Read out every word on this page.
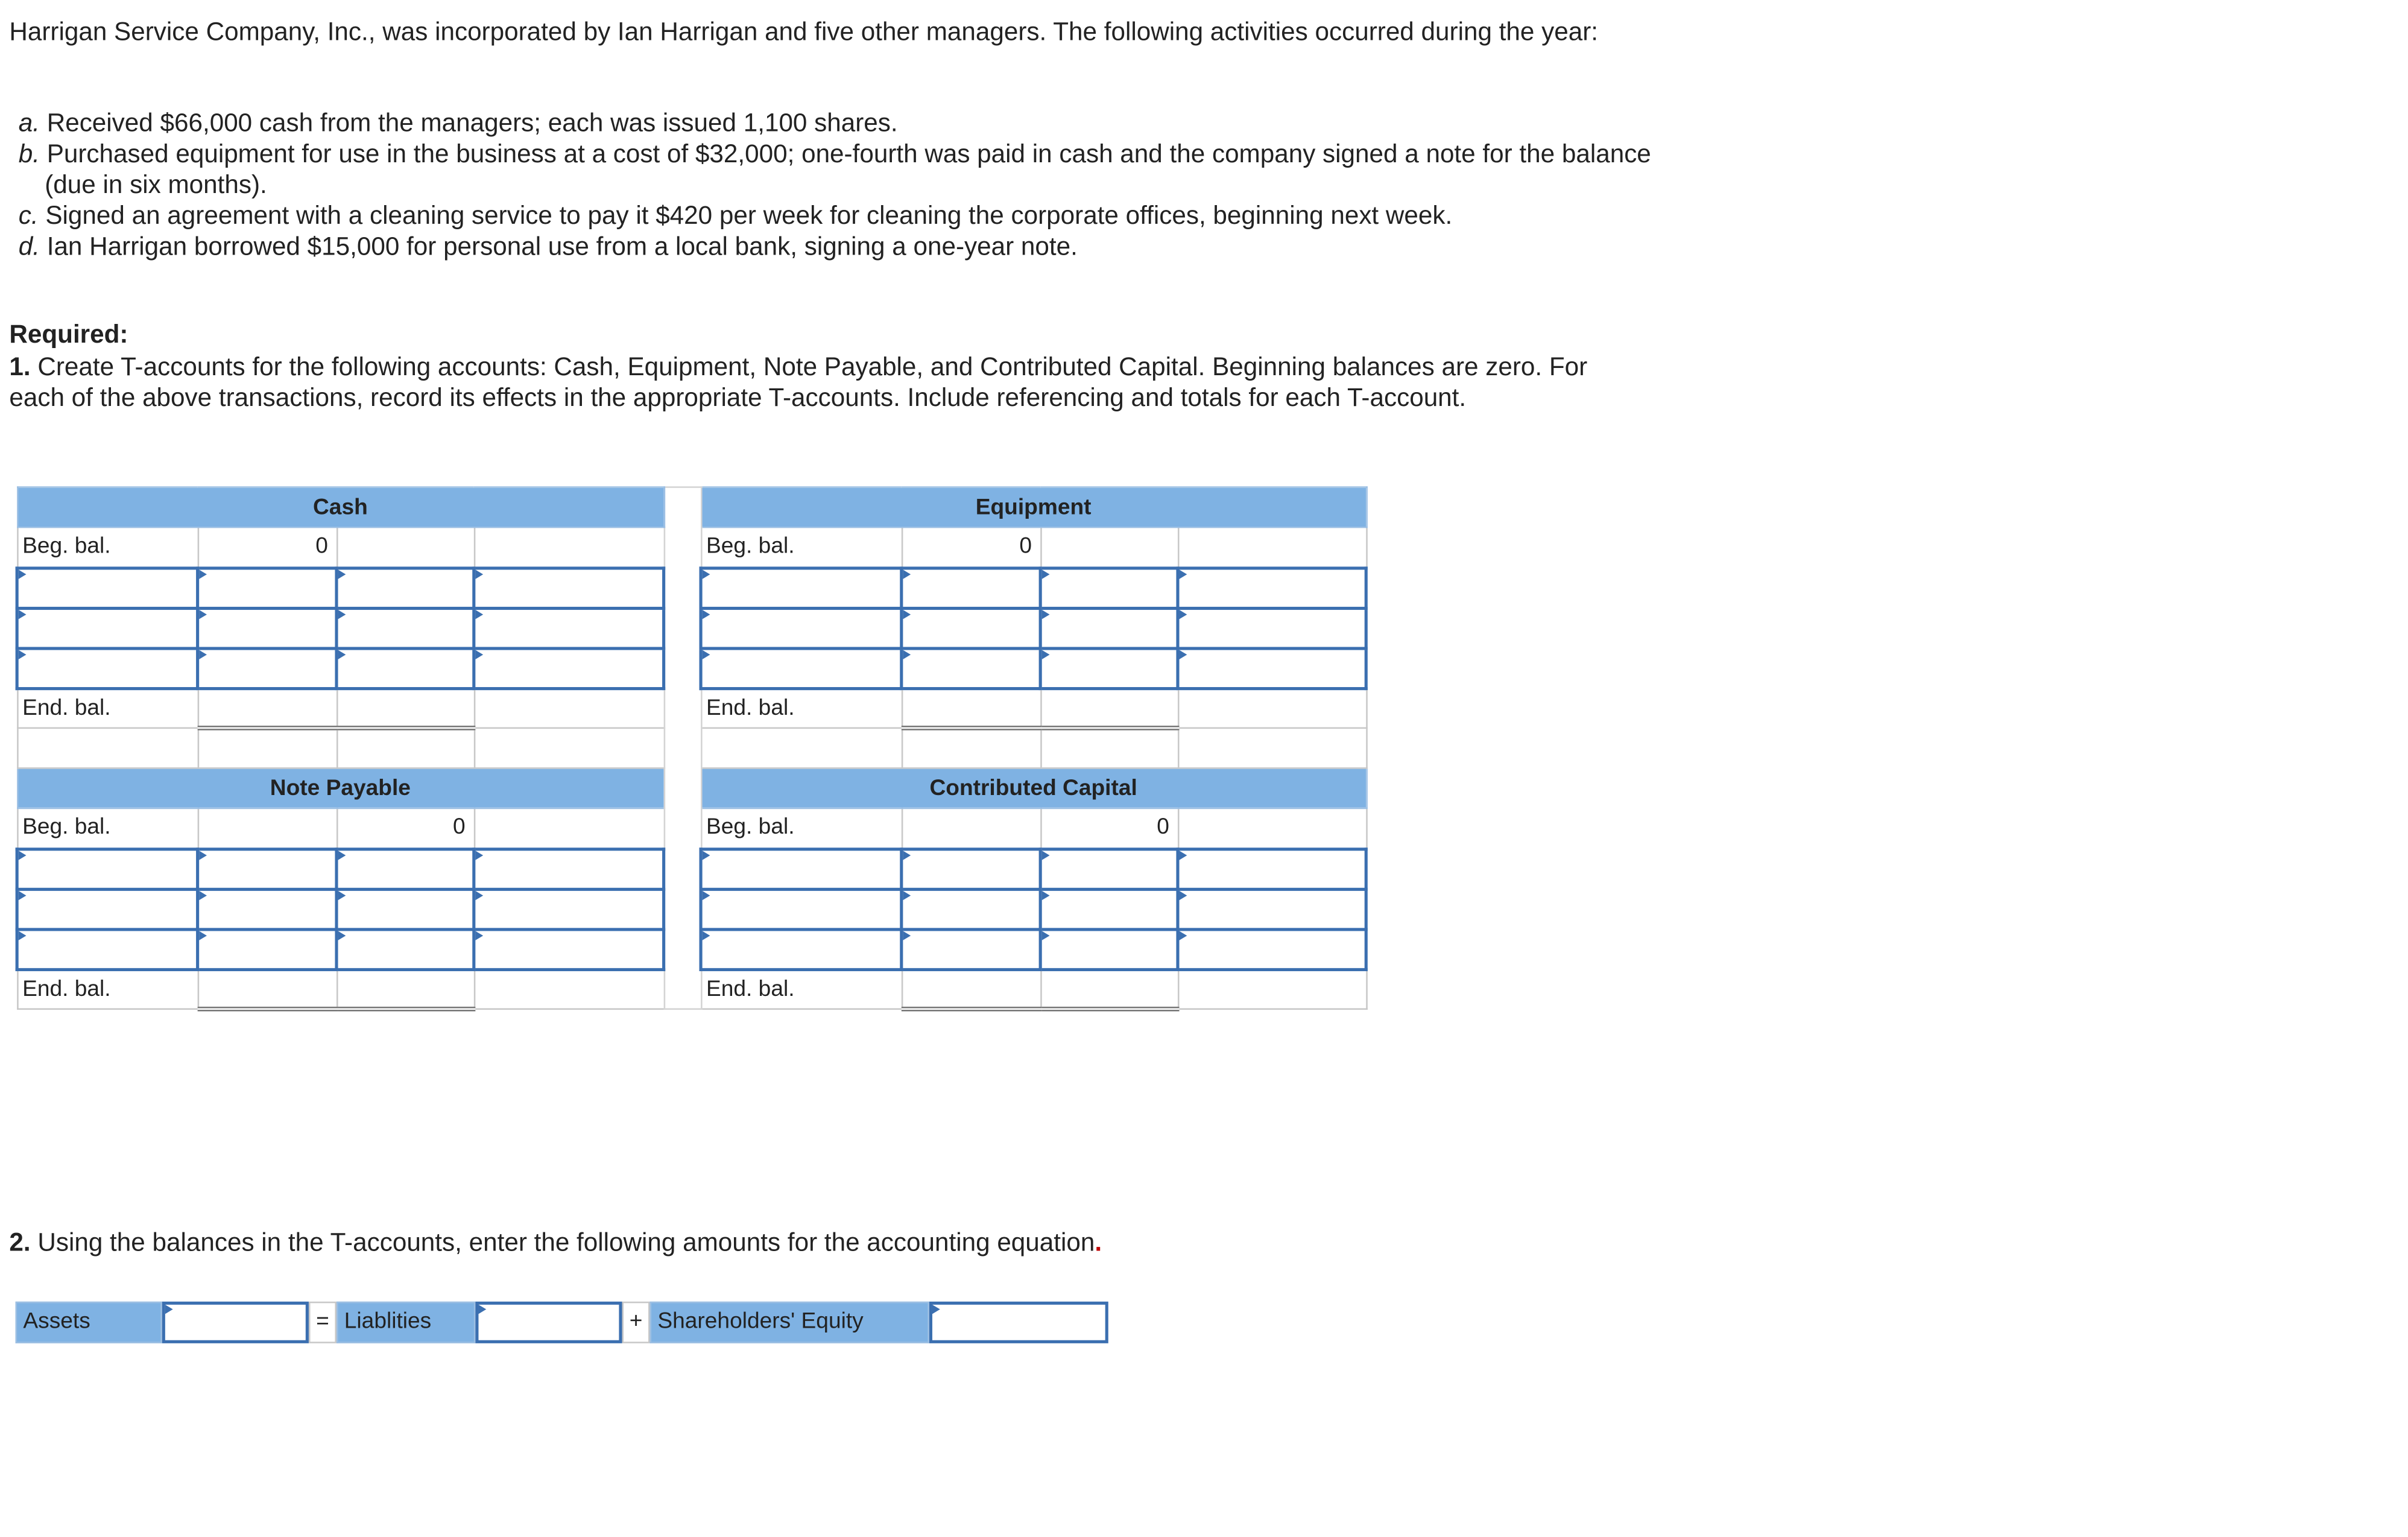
Harrigan Service Company, Inc., was incorporated by Ian Harrigan and five other managers. The following activities occurred during the year:
a. Received $66,000 cash from the managers; each was issued 1,100 shares.
b. Purchased equipment for use in the business at a cost of $32,000; one-fourth was paid in cash and the company signed a note for the balance (due in six months).
c. Signed an agreement with a cleaning service to pay it $420 per week for cleaning the corporate offices, beginning next week.
d. Ian Harrigan borrowed $15,000 for personal use from a local bank, signing a one-year note.
Required:
1. Create T-accounts for the following accounts: Cash, Equipment, Note Payable, and Contributed Capital. Beginning balances are zero. For each of the above transactions, record its effects in the appropriate T-accounts. Include referencing and totals for each T-account.
Cash					Equipment			
Beg. bal.	0				Beg. bal.	0		

End. bal.					End. bal.			

Note Payable					Contributed Capital			
Beg. bal.		0			Beg. bal.		0	

End. bal.					End. bal.			
2. Using the balances in the T-accounts, enter the following amounts for the accounting equation.
Assets	=	Liablities	+	Shareholders' Equity
